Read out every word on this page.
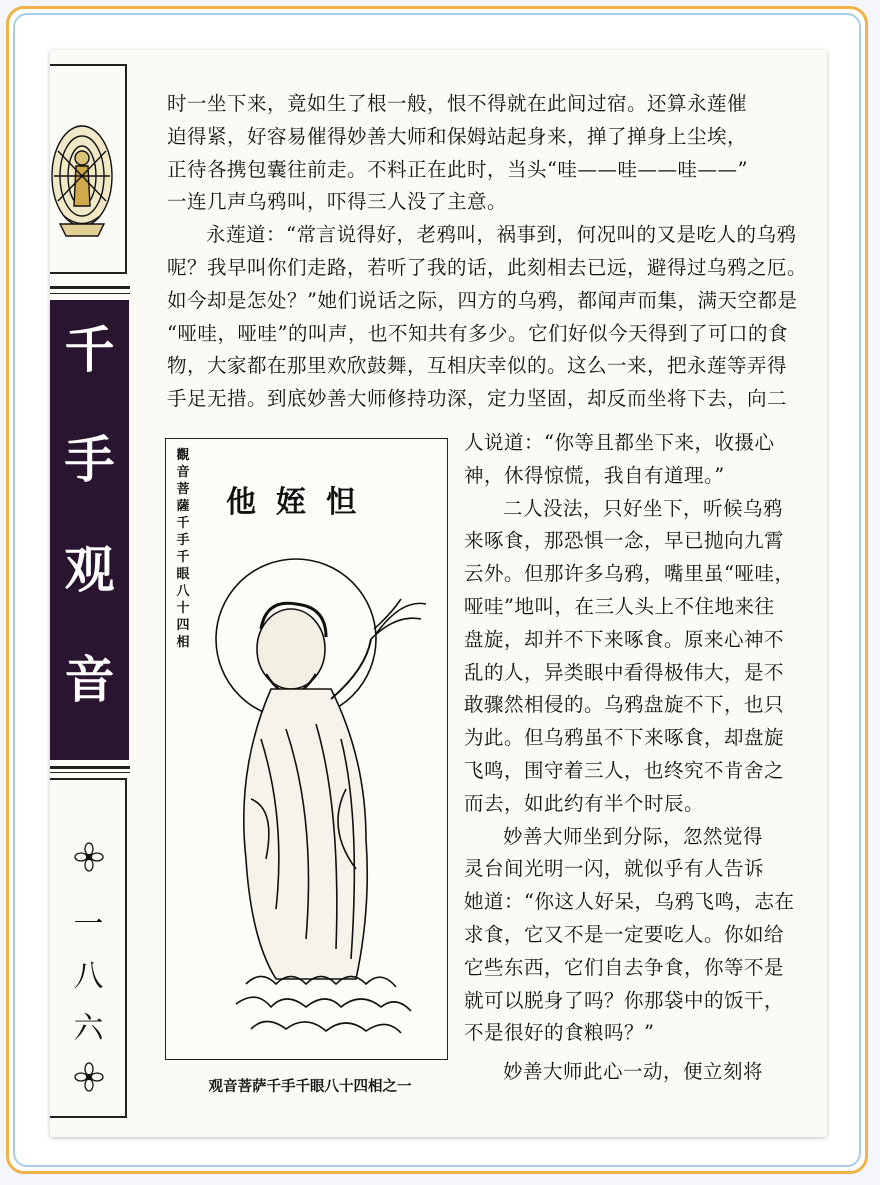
千
手
观
音
一
八
六
时一坐下来，竟如生了根一般，恨不得就在此间过宿。还算永莲催
迫得紧，好容易催得妙善大师和保姆站起身来，掸了掸身上尘埃，
正待各携包囊往前走。不料正在此时，当头“哇——哇——哇——”
一连几声乌鸦叫，吓得三人没了主意。
永莲道：“常言说得好，老鸦叫，祸事到，何况叫的又是吃人的乌鸦
呢？我早叫你们走路，若听了我的话，此刻相去已远，避得过乌鸦之厄。
如今却是怎处？”她们说话之际，四方的乌鸦，都闻声而集，满天空都是
“哑哇，哑哇”的叫声，也不知共有多少。它们好似今天得到了可口的食
物，大家都在那里欢欣鼓舞，互相庆幸似的。这么一来，把永莲等弄得
手足无措。到底妙善大师修持功深，定力坚固，却反而坐将下去，向二
人说道：“你等且都坐下来，收摄心
神，休得惊慌，我自有道理。”
二人没法，只好坐下，听候乌鸦
来啄食，那恐惧一念，早已抛向九霄
云外。但那许多乌鸦，嘴里虽“哑哇，
哑哇”地叫，在三人头上不住地来往
盘旋，却并不下来啄食。原来心神不
乱的人，异类眼中看得极伟大，是不
敢骤然相侵的。乌鸦盘旋不下，也只
为此。但乌鸦虽不下来啄食，却盘旋
飞鸣，围守着三人，也终究不肯舍之
而去，如此约有半个时辰。
妙善大师坐到分际，忽然觉得
灵台间光明一闪，就似乎有人告诉
她道：“你这人好呆，乌鸦飞鸣，志在
求食，它又不是一定要吃人。你如给
它些东西，它们自去争食，你等不是
就可以脱身了吗？你那袋中的饭干，
不是很好的食粮吗？”
妙善大师此心一动，便立刻将
觀音菩薩千手千眼八十四相
他姪怛
观音菩萨千手千眼八十四相之一
